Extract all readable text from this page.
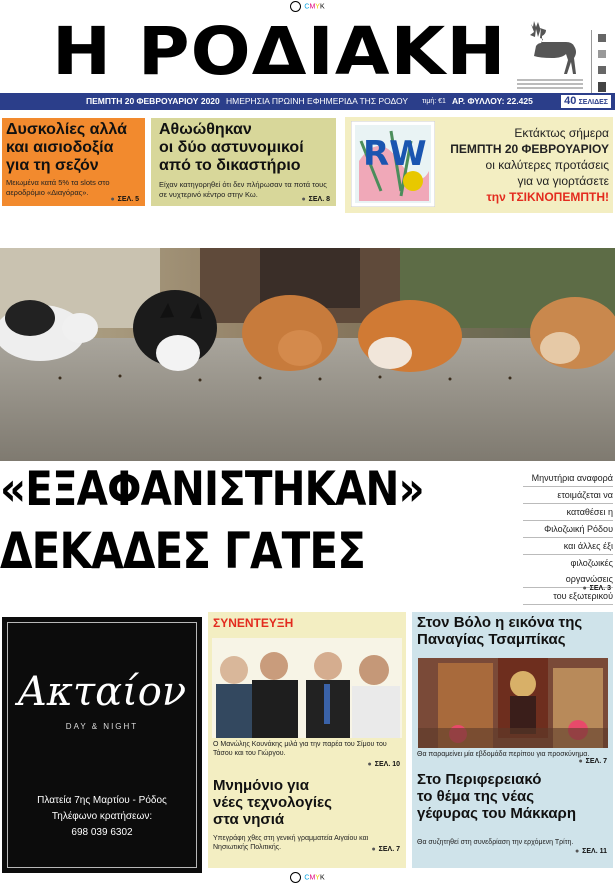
CMYK
Η ΡΟΔΙΑΚΗ
ΠΕΜΠΤΗ 20 ΦΕΒΡΟΥΑΡΙΟΥ 2020 ΗΜΕΡΗΣΙΑ ΠΡΩΙΝΗ ΕΦΗΜΕΡΙΔΑ ΤΗΣ ΡΟΔΟΥ τιμή: €1 ΑΡ. ΦΥΛΛΟΥ: 22.425	40 ΣΕΛΙΔΕΣ
Δυσκολίες αλλά
και αισιοδοξία
για τη σεζόν
Μειωμένα κατά 5% τα slots στο αεροδρόμιο «Διαγόρας».
● ΣΕΛ. 5
Αθωώθηκαν
οι δύο αστυνομικοί
από το δικαστήριο
Είχαν κατηγορηθεί ότι δεν πλήρωσαν τα ποτά τους σε νυχτερινό κέντρο στην Κω.
● ΣΕΛ. 8
RW
Εκτάκτως σήμερα
ΠΕΜΠΤΗ 20 ΦΕΒΡΟΥΑΡΙΟΥ
οι καλύτερες προτάσεις
για να γιορτάσετε
την ΤΣΙΚΝΟΠΕΜΠΤΗ!
«ΕΞΑΦΑΝΙΣΤΗΚΑΝ»
ΔΕΚΑΔΕΣ ΓΑΤΕΣ
Μηνυτήρια αναφορά
ετοιμάζεται να
καταθέσει η
Φιλοζωική Ρόδου
και άλλες έξι
φιλοζωικές οργανώσεις
του εξωτερικού
● ΣΕΛ. 3
Ακταίον
DAY & NIGHT
Πλατεία 7ης Μαρτίου - Ρόδος
Τηλέφωνο κρατήσεων:
698 039 6302
ΣΥΝΕΝΤΕΥΞΗ
Ο Μανώλης Κουνάκης μιλά για την παρέα του Σίμου του Τάσου και του Γιώργου.
● ΣΕΛ. 10
Μνημόνιο για
νέες τεχνολογίες
στα νησιά
Υπεγράφη χθες στη γενική γραμματεία Αιγαίου και Νησιωτικής Πολιτικής.
●	ΣΕΛ. 7
Στον Βόλο η εικόνα της
Παναγίας Τσαμπίκας
Θα παραμείνει μία εβδομάδα περίπου για προσκύνημα.
● ΣΕΛ. 7
Στο Περιφερειακό
το θέμα της νέας
γέφυρας του Μάκκαρη
Θα συζητηθεί στη συνεδρίαση την ερχόμενη Τρίτη.
● ΣΕΛ. 11
CMYK
